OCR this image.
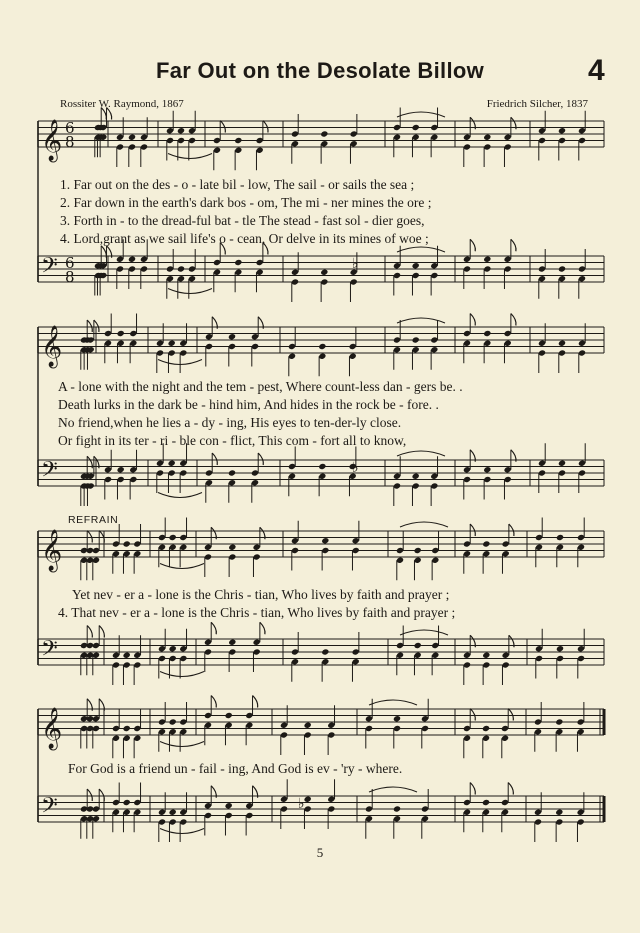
Far Out on the Desolate Billow	4
Rossiter W. Raymond, 1867	Friedrich Silcher, 1837
𝄞 6
8
𝄢 6
8
𝄞
𝄢
𝄞
𝄢
𝄞
𝄢
♭
♭
♭
1. Far out on the des - o - late bil - low, The sail - or sails the sea ;
2. Far down in the earth's dark bos - om, The mi - ner mines the ore ;
3. Forth in - to the dread-ful bat - tle The stead - fast sol - dier goes,
4. Lord,grant as we sail life's o - cean, Or delve in its mines of woe ;
A - lone with the night and the tem - pest, Where count-less dan - gers be. .
Death lurks in the dark be - hind him, And hides in the rock be - fore. .
No friend,when he lies a - dy - ing, His eyes to ten-der-ly close.
Or fight in its ter - ri - ble con - flict, This com - fort all to know,
REFRAIN
Yet nev - er a - lone is the Chris - tian, Who lives by faith and prayer ;
4. That nev - er a - lone is the Chris - tian, Who lives by faith and prayer ;
For God is a friend un - fail - ing, And God is ev - 'ry - where.
5
